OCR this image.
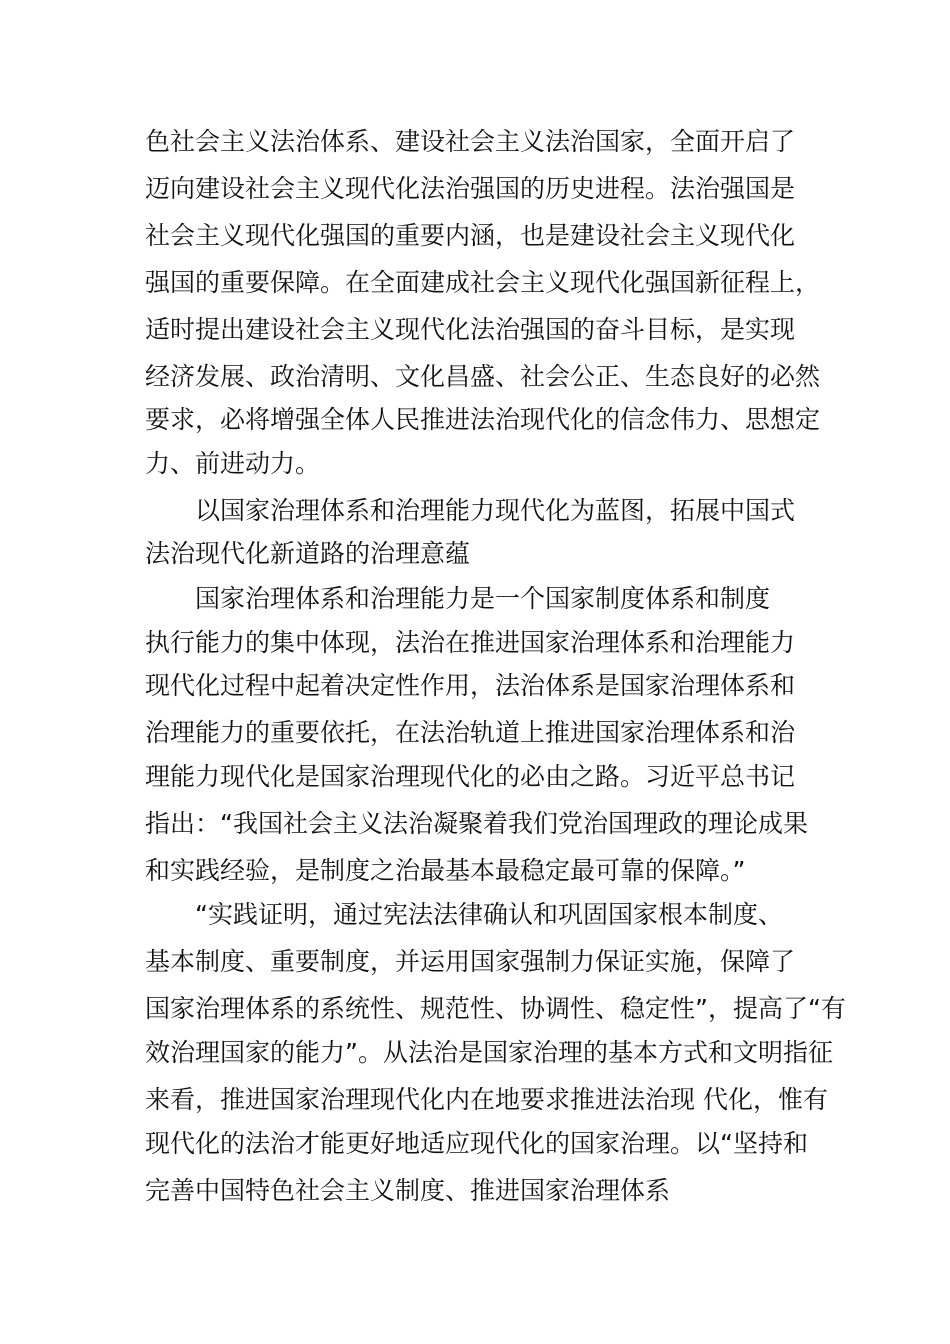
色社会主义法治体系、建设社会主义法治国家，全面开启了
迈向建设社会主义现代化法治强国的历史进程。法治强国是
社会主义现代化强国的重要内涵，也是建设社会主义现代化
强国的重要保障。在全面建成社会主义现代化强国新征程上，
适时提出建设社会主义现代化法治强国的奋斗目标，是实现
经济发展、政治清明、文化昌盛、社会公正、生态良好的必然
要求，必将增强全体人民推进法治现代化的信念伟力、思想定
力、前进动力。
以国家治理体系和治理能力现代化为蓝图，拓展中国式
法治现代化新道路的治理意蕴
国家治理体系和治理能力是一个国家制度体系和制度
执行能力的集中体现，法治在推进国家治理体系和治理能力
现代化过程中起着决定性作用，法治体系是国家治理体系和
治理能力的重要依托，在法治轨道上推进国家治理体系和治
理能力现代化是国家治理现代化的必由之路。习近平总书记
指出：“我国社会主义法治凝聚着我们党治国理政的理论成果
和实践经验，是制度之治最基本最稳定最可靠的保障。”
“实践证明，通过宪法法律确认和巩固国家根本制度、
基本制度、重要制度，并运用国家强制力保证实施，保障了
国家治理体系的系统性、规范性、协调性、稳定性”，提高了“有
效治理国家的能力”。从法治是国家治理的基本方式和文明指征
来看，推进国家治理现代化内在地要求推进法治现 代化，惟有
现代化的法治才能更好地适应现代化的国家治理。以“坚持和
完善中国特色社会主义制度、推进国家治理体系
